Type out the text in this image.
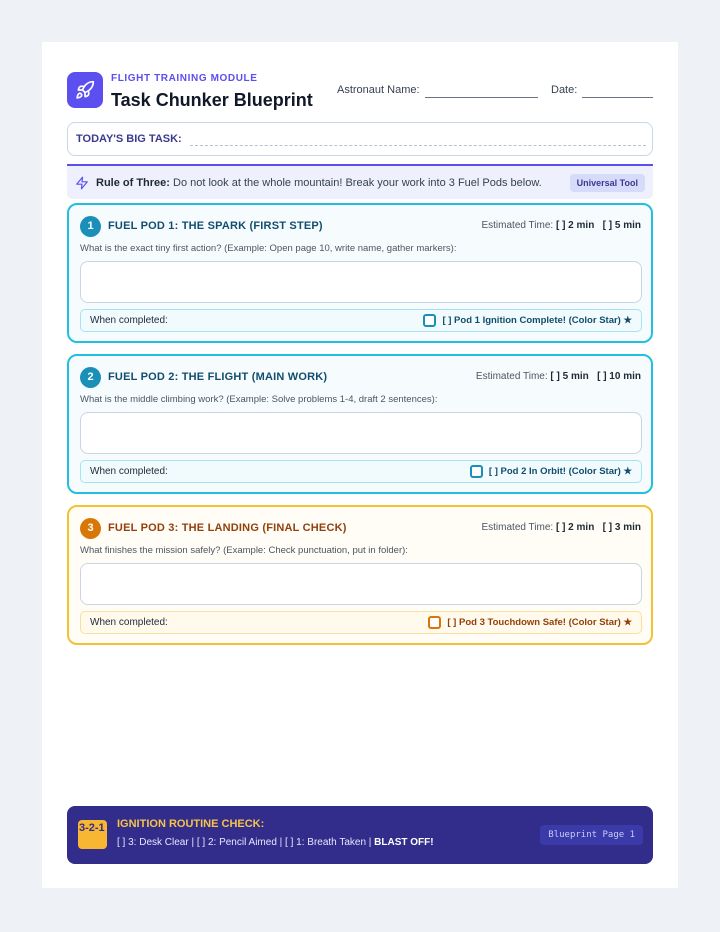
FLIGHT TRAINING MODULE
Task Chunker Blueprint Astronaut Name:	Date:
TODAY'S BIG TASK:
Rule of Three: Do not look at the whole mountain! Break your work into 3 Fuel Pods below.	Universal Tool
1	FUEL POD 1: THE SPARK (FIRST STEP)	Estimated Time: [ ] 2 min [ ] 5 min
What is the exact tiny first action? (Example: Open page 10, write name, gather markers):
When completed:	[ ] Pod 1 Ignition Complete! (Color Star) ★
2	FUEL POD 2: THE FLIGHT (MAIN WORK)	Estimated Time: [ ] 5 min [ ] 10 min
What is the middle climbing work? (Example: Solve problems 1-4, draft 2 sentences):
When completed:	[ ] Pod 2 In Orbit! (Color Star) ★
3	FUEL POD 3: THE LANDING (FINAL CHECK)	Estimated Time: [ ] 2 min [ ] 3 min
What finishes the mission safely? (Example: Check punctuation, put in folder):
When completed:	[ ] Pod 3 Touchdown Safe! (Color Star) ★
3-2-1 IGNITION ROUTINE CHECK:
[ ] 3: Desk Clear | [ ] 2: Pencil Aimed | [ ] 1: Breath Taken | BLAST OFF!
Blueprint Page 1
